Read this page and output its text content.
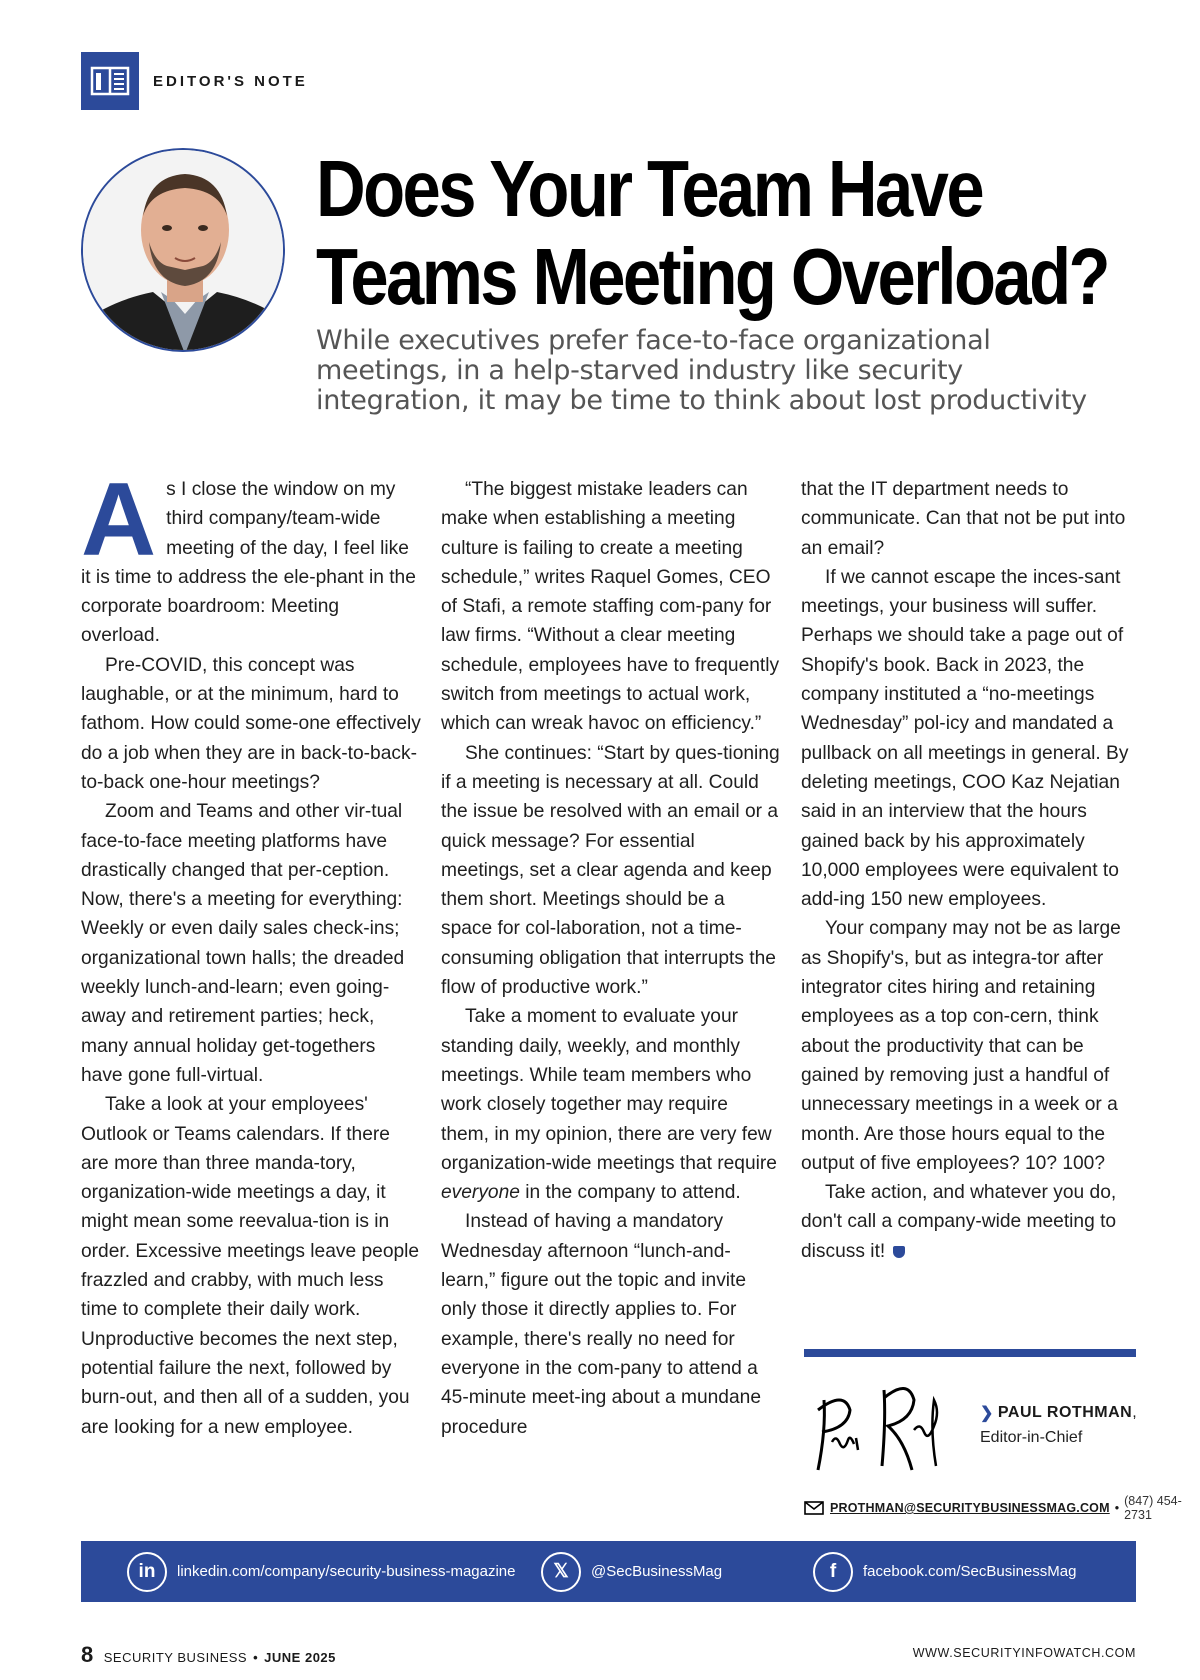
EDITOR'S NOTE
Does Your Team Have
Teams Meeting Overload?

While executives prefer face-to-face organizational meetings, in a help-starved industry like security integration, it may be time to think about lost productivity

As I close the window on my third company/team-wide meeting of the day, I feel like it is time to address the ele-phant in the corporate boardroom: Meeting overload.

Pre-COVID, this concept was laughable, or at the minimum, hard to fathom. How could some-one effectively do a job when they are in back-to-back-to-back one-hour meetings?

Zoom and Teams and other vir-tual face-to-face meeting platforms have drastically changed that per-ception. Now, there's a meeting for everything: Weekly or even daily sales check-ins; organizational town halls; the dreaded weekly lunch-and-learn; even going-away and retirement parties; heck, many annual holiday get-togethers have gone full-virtual.

Take a look at your employees' Outlook or Teams calendars. If there are more than three manda-tory, organization-wide meetings a day, it might mean some reevalua-tion is in order. Excessive meetings leave people frazzled and crabby, with much less time to complete their daily work. Unproductive becomes the next step, potential failure the next, followed by burn-out, and then all of a sudden, you are looking for a new employee.

“The biggest mistake leaders can make when establishing a meeting culture is failing to create a meeting schedule,” writes Raquel Gomes, CEO of Stafi, a remote staffing com-pany for law firms. “Without a clear meeting schedule, employees have to frequently switch from meetings to actual work, which can wreak havoc on efficiency.”

She continues: “Start by ques-tioning if a meeting is necessary at all. Could the issue be resolved with an email or a quick message? For essential meetings, set a clear agenda and keep them short. Meetings should be a space for col-laboration, not a time-consuming obligation that interrupts the flow of productive work.”

Take a moment to evaluate your standing daily, weekly, and monthly meetings. While team members who work closely together may require them, in my opinion, there are very few organization-wide meetings that require everyone in the company to attend.

Instead of having a mandatory Wednesday afternoon “lunch-and-learn,” figure out the topic and invite only those it directly applies to. For example, there's really no need for everyone in the com-pany to attend a 45-minute meet-ing about a mundane procedure

that the IT department needs to communicate. Can that not be put into an email?

If we cannot escape the inces-sant meetings, your business will suffer. Perhaps we should take a page out of Shopify's book. Back in 2023, the company instituted a “no-meetings Wednesday” pol-icy and mandated a pullback on all meetings in general. By deleting meetings, COO Kaz Nejatian said in an interview that the hours gained back by his approximately 10,000 employees were equivalent to add-ing 150 new employees.

Your company may not be as large as Shopify's, but as integra-tor after integrator cites hiring and retaining employees as a top con-cern, think about the productivity that can be gained by removing just a handful of unnecessary meetings in a week or a month. Are those hours equal to the output of five employees? 10? 100?

Take action, and whatever you do, don't call a company-wide meeting to discuss it!

❯ PAUL ROTHMAN ,
Editor-in-Chief
PROTHMAN@SECURITYBUSINESSMAG.COM • (847) 454-2731
in	linkedin.com/company/security-business-magazine	𝕏	@SecBusinessMag	f	facebook.com/SecBusinessMag
8 SECURITY BUSINESS • JUNE 2025	WWW.SECURITYINFOWATCH.COM
